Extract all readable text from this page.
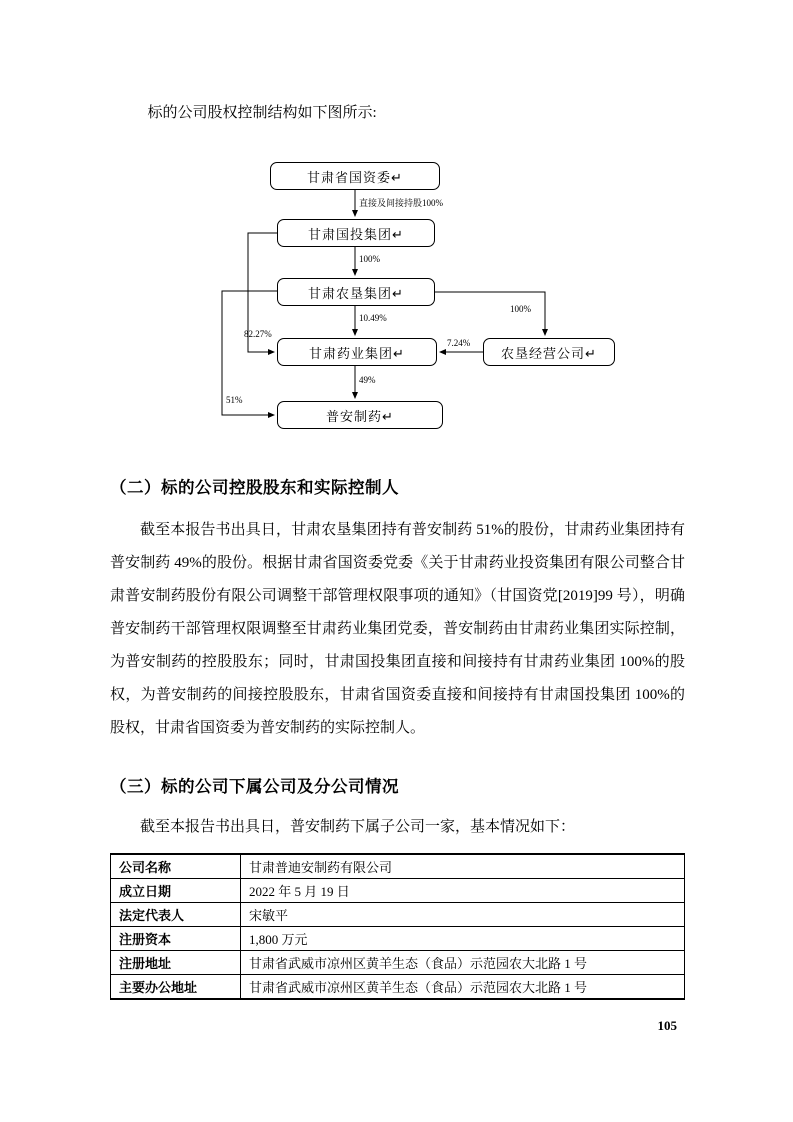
标的公司股权控制结构如下图所示:

甘肃省国资委↵
甘肃国投集团↵
甘肃农垦集团↵
甘肃药业集团↵
普安制药↵
农垦经营公司↵
直接及间接持股100%
100%
10.49%
49%
100%
7.24%
82.27%
51%
（二）标的公司控股股东和实际控制人

截至本报告书出具日，甘肃农垦集团持有普安制药 51%的股份，甘肃药业集团持有普安制药 49%的股份。根据甘肃省国资委党委《关于甘肃药业投资集团有限公司整合甘肃普安制药股份有限公司调整干部管理权限事项的通知》（甘国资党[2019]99 号），明确普安制药干部管理权限调整至甘肃药业集团党委，普安制药由甘肃药业集团实际控制，为普安制药的控股股东；同时，甘肃国投集团直接和间接持有甘肃药业集团 100%的股权，为普安制药的间接控股股东，甘肃省国资委直接和间接持有甘肃国投集团 100%的股权，甘肃省国资委为普安制药的实际控制人。

（三）标的公司下属公司及分公司情况

截至本报告书出具日，普安制药下属子公司一家，基本情况如下：

公司名称	甘肃普迪安制药有限公司
成立日期	2022 年 5 月 19 日
法定代表人	宋敏平
注册资本	1,800 万元
注册地址	甘肃省武威市凉州区黄羊生态（食品）示范园农大北路 1 号
主要办公地址	甘肃省武威市凉州区黄羊生态（食品）示范园农大北路 1 号
105
